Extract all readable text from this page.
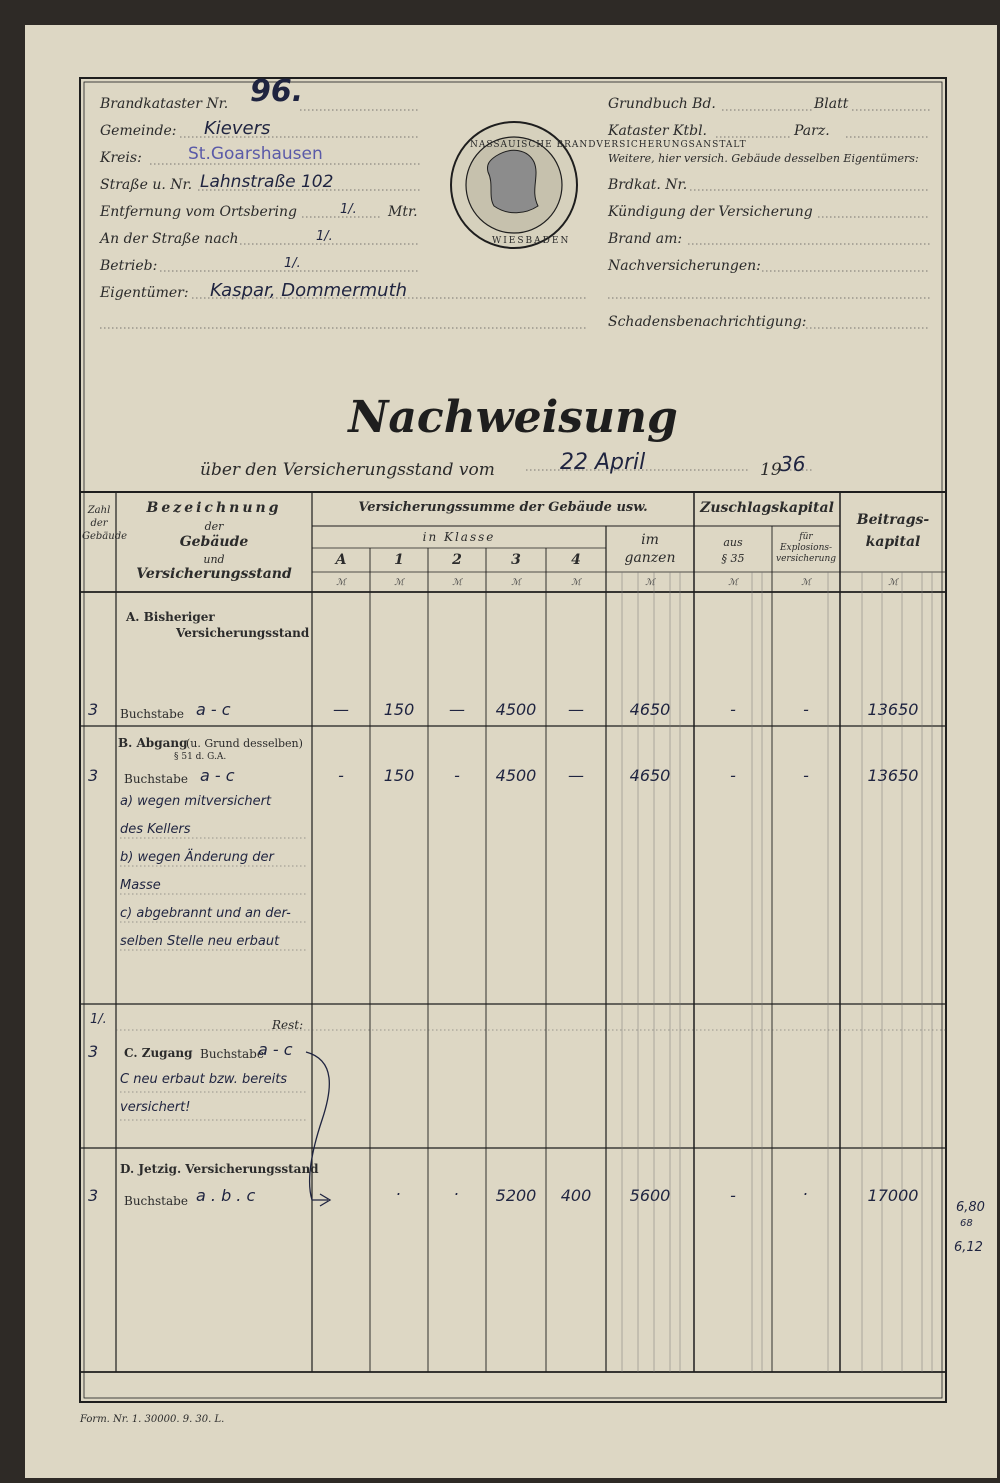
NASSAUISCHE BRANDVERSICHERUNGSANSTALT
WIESBADEN
Brandkataster Nr.
Gemeinde:
Kreis:
Straße u. Nr.
Entfernung vom Ortsbering	Mtr.
An der Straße nach
Betrieb:
Eigentümer:
Grundbuch Bd.	Blatt
Kataster Ktbl.	Parz.
Weitere, hier versich. Gebäude desselben Eigentümers:
Brdkat. Nr.
Kündigung der Versicherung
Brand am:
Nachversicherungen:
Schadensbenachrichtigung:
96.
Kievers
St.Goarshausen
Lahnstraße 102
1/.
1/.
1/.
Kaspar, Dommermuth
Nachweisung
über den Versicherungsstand vom	22 April	19
36
Zahl der Gebäude
Bezeichnung
der
Gebäude
und
Versicherungsstand
Versicherungssumme der Gebäude usw.
in Klasse
A	1	2	3	4
im
ganzen
Zuschlagskapital
aus
§ 35
für Explosions-versicherung
Beitrags-
kapital
ℳ	ℳ	ℳ	ℳ	ℳ	ℳ	ℳ	ℳ	ℳ
A. Bisheriger
Versicherungsstand
Buchstabe
3	a - c	—	150	—	4500	—	4650	-	-	13650
B. Abgang
(u. Grund desselben)
§ 51 d. G.A.
Buchstabe
3	a - c	-	150	-	4500	—	4650	-	-	13650
a) wegen mitversichert
des Kellers
b) wegen Änderung der
Masse
c) abgebrannt und an der-
selben Stelle neu erbaut
1/.	Rest:
3 C. Zugang Buchstabe
a - c
C neu erbaut bzw. bereits
versichert!
D. Jetzig. Versicherungsstand
Buchstabe
3	a . b . c	.	.	5200	400	5600	-	.	17000
6,80
68
6,12
Form. Nr. 1. 30000. 9. 30. L.
